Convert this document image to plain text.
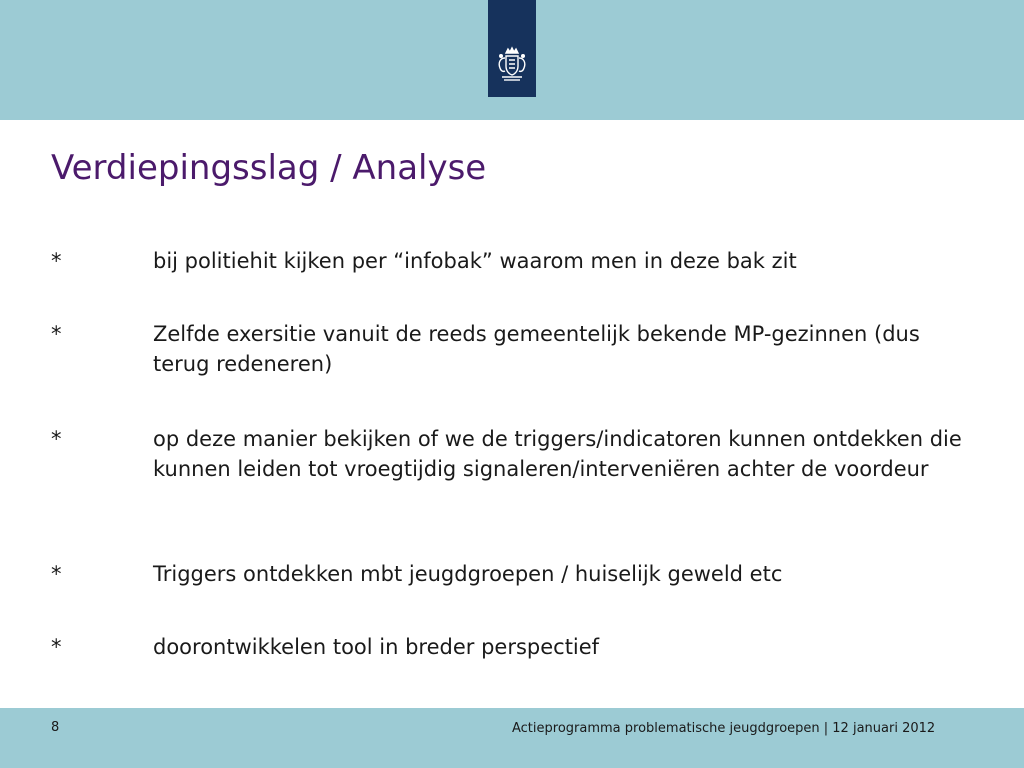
Verdiepingsslag / Analyse
*	bij politiehit kijken per “infobak” waarom men in deze bak zit
*	Zelfde exersitie vanuit de reeds gemeentelijk bekende MP-gezinnen (dus terug redeneren)
*	op deze manier bekijken of we de triggers/indicatoren kunnen ontdekken die kunnen leiden tot vroegtijdig signaleren/interveniëren achter de voordeur
*	Triggers ontdekken mbt jeugdgroepen / huiselijk geweld etc
*	doorontwikkelen tool in breder perspectief
8	Actieprogramma problematische jeugdgroepen | 12 januari 2012
